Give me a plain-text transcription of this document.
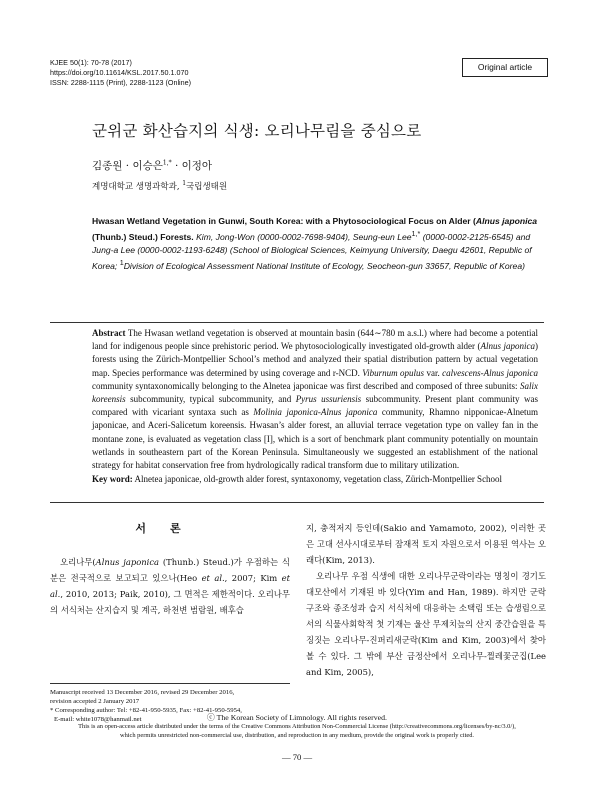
KJEE 50(1): 70-78 (2017)
https://doi.org/10.11614/KSL.2017.50.1.070
ISSN: 2288-1115 (Print), 2288-1123 (Online)
Original article
군위군 화산습지의 식생: 오리나무림을 중심으로
김종원 · 이승은$^{1,*}$ · 이정아
계명대학교 생명과학과, $^1$국립생태원
Hwasan Wetland Vegetation in Gunwi, South Korea: with a Phytosociological Focus on Alder (Alnus japonica (Thunb.) Steud.) Forests. Kim, Jong-Won (0000-0002-7698-9404), Seung-eun Lee$^{1,*}$ (0000-0002-2125-6545) and Jung-a Lee (0000-0002-1193-6248) (School of Biological Sciences, Keimyung University, Daegu 42601, Republic of Korea; $^1$Division of Ecological Assessment National Institute of Ecology, Seocheon-gun 33657, Republic of Korea)
Abstract The Hwasan wetland vegetation is observed at mountain basin (644∼780 m a.s.l.) where had become a potential land for indigenous people since prehistoric period. We phytosociologically investigated old-growth alder (Alnus japonica) forests using the Zürich-Montpellier School’s method and analyzed their spatial distribution pattern by actual vegetation map. Species performance was determined by using coverage and r-NCD. Viburnum opulus var. calvescens-Alnus japonica community syntaxonomically belonging to the Alnetea japonicae was first described and composed of three subunits: Salix koreensis subcommunity, typical subcommunity, and Pyrus ussuriensis subcommunity. Present plant community was compared with vicariant syntaxa such as Molinia japonica-Alnus japonica community, Rhamno nipponicae-Alnetum japonicae, and Aceri-Salicetum koreensis. Hwasan’s alder forest, an alluvial terrace vegetation type on valley fan in the montane zone, is evaluated as vegetation class [I], which is a sort of benchmark plant community potentially on mountain wetlands in southeastern part of the Korean Peninsula. Simultaneously we suggested an establishment of the national strategy for habitat conservation free from hydrologically radical transform due to military utilization.
Key word: Alnetea japonicae, old-growth alder forest, syntaxonomy, vegetation class, Zürich-Montpellier School
서론

오리나무(Alnus japonica (Thunb.) Steud.)가 우점하는 식분은 전국적으로 보고되고 있으나(Heo et al., 2007; Kim et al., 2010, 2013; Paik, 2010), 그 면적은 제한적이다. 오리나무의 서식처는 산지습지 및 계곡, 하천변 범람원, 배후습

지, 충적저지 등인데(Sakio and Yamamoto, 2002), 이러한 곳은 고대 선사시대로부터 잠재적 토지 자원으로서 이용된 역사는 오래다(Kim, 2013).

오리나무 우점 식생에 대한 오리나무군락이라는 명칭이 경기도 대모산에서 기재된 바 있다(Yim and Han, 1989). 하지만 군락구조와 종조성과 습지 서식처에 대응하는 소택림 또는 습생림으로서의 식물사회학적 첫 기재는 울산 무제치늪의 산지 중간습원을 특징짓는 오리나무-진퍼리새군락(Kim and Kim, 2003)에서 찾아볼 수 있다. 그 밖에 부산 금정산에서 오리나무-찔레꽃군집(Lee and Kim, 2005),

Manuscript received 13 December 2016, revised 29 December 2016,
revision accepted 2 January 2017
* Corresponding author: Tel: +82-41-950-5935, Fax: +82-41-950-5954,
E-mail: white1078@hanmail.net	ⓒ The Korean Society of Limnology. All rights reserved.
This is an open-access article distributed under the terms of the Creative Commons Attribution Non-Commercial License (http://creativecommons.org/licenses/by-nc/3.0/),
which permits unrestricted non-commercial use, distribution, and reproduction in any medium, provide the original work is properly cited.
— 70 —
